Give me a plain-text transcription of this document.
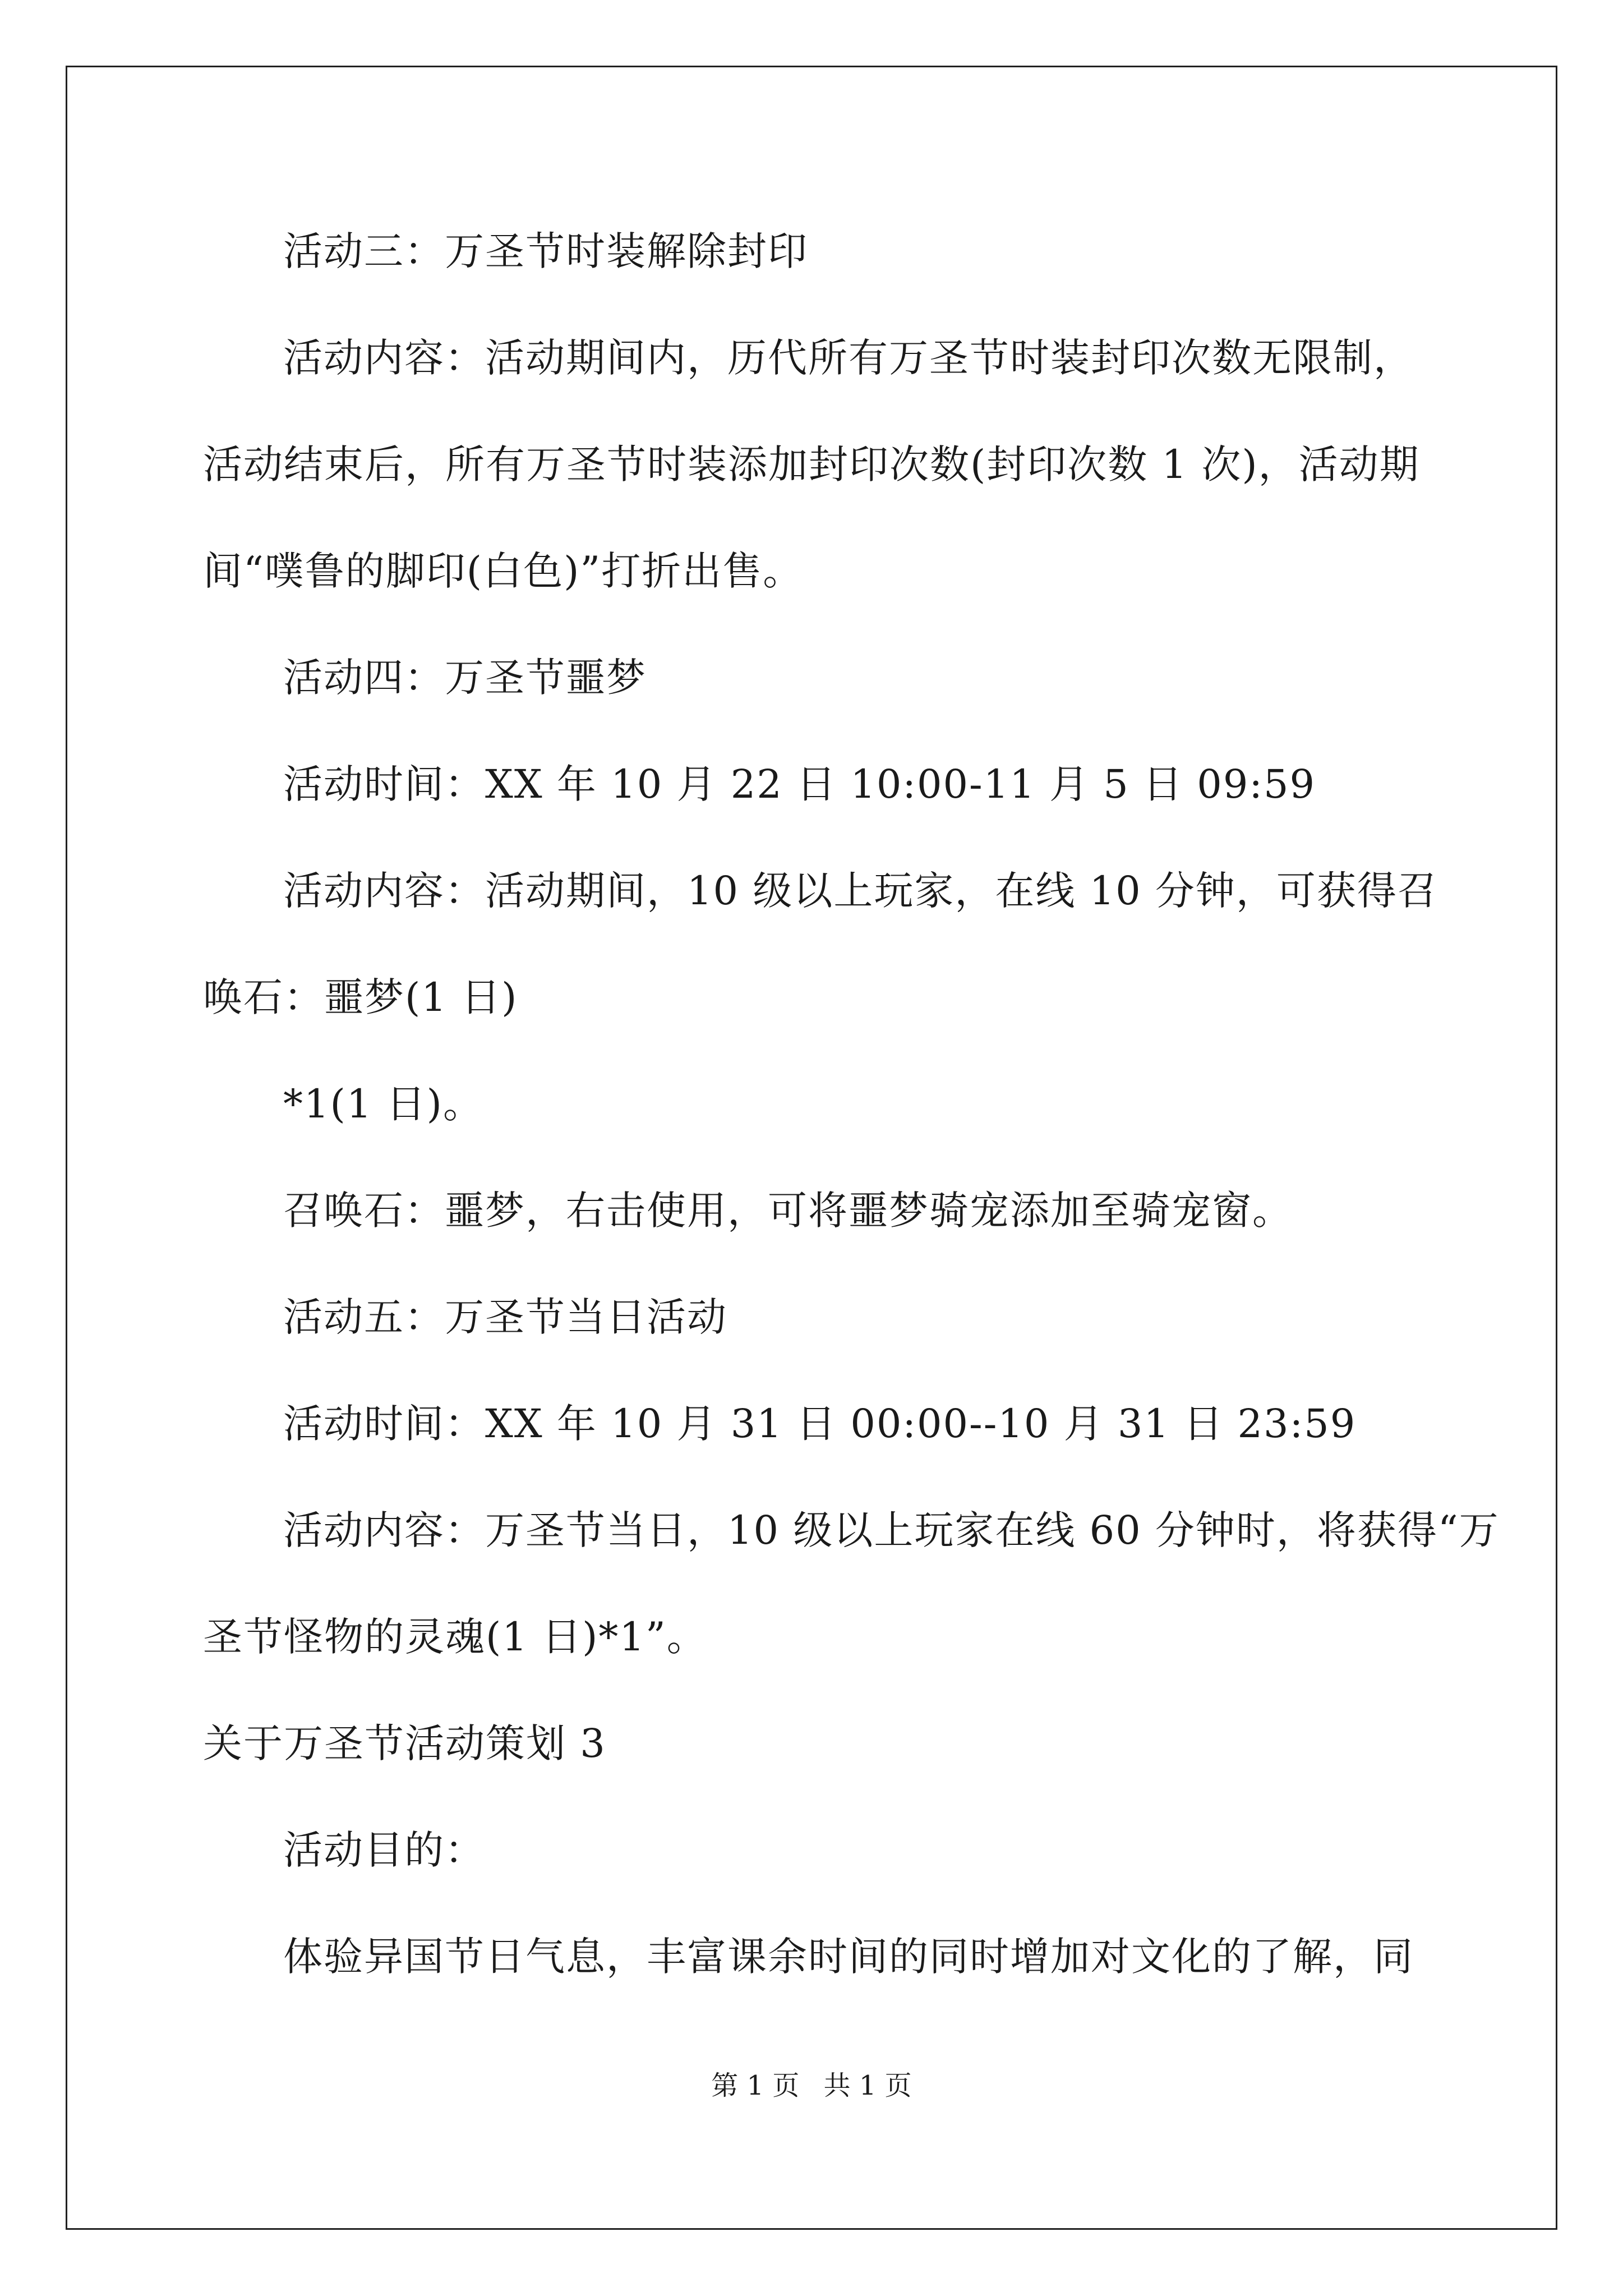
活动三：万圣节时装解除封印
活动内容：活动期间内，历代所有万圣节时装封印次数无限制，
活动结束后，所有万圣节时装添加封印次数(封印次数 1 次)，活动期
间“噗鲁的脚印(白色)”打折出售。
活动四：万圣节噩梦
活动时间：XX 年 10 月 22 日 10:00-11 月 5 日 09:59
活动内容：活动期间，10 级以上玩家，在线 10 分钟，可获得召
唤石：噩梦(1 日)
*1(1 日)。
召唤石：噩梦，右击使用，可将噩梦骑宠添加至骑宠窗。
活动五：万圣节当日活动
活动时间：XX 年 10 月 31 日 00:00--10 月 31 日 23:59
活动内容：万圣节当日，10 级以上玩家在线 60 分钟时，将获得“万
圣节怪物的灵魂(1 日)*1”。
关于万圣节活动策划 3
活动目的：
体验异国节日气息，丰富课余时间的同时增加对文化的了解，同
第 1 页 共 1 页
